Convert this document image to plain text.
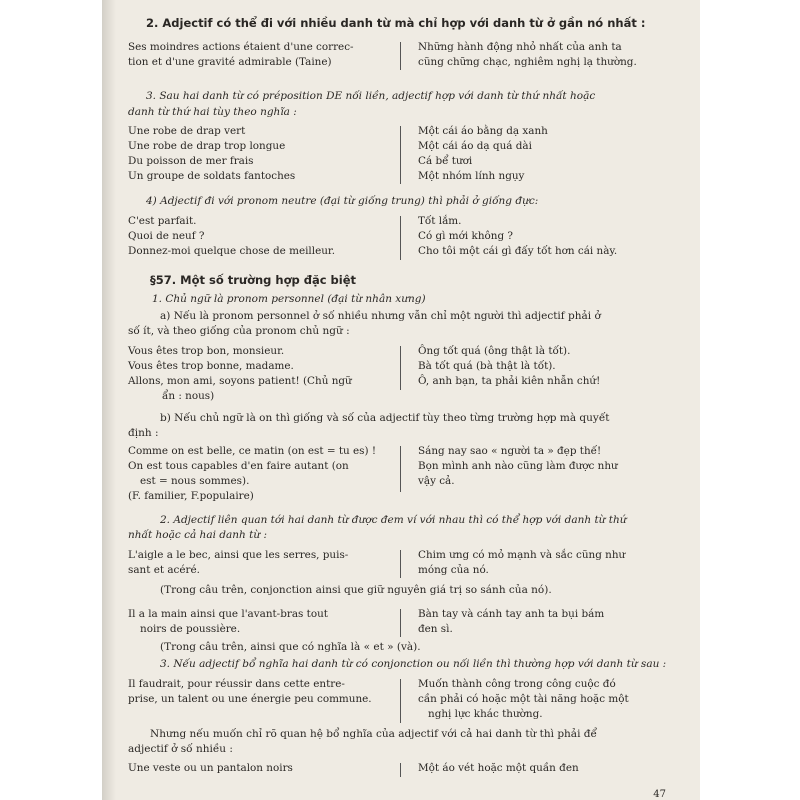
2. Adjectif có thể đi với nhiều danh từ mà chỉ hợp với danh từ ở gần nó nhất :
Ses moindres actions étaient d'une correc-
tion et d'une gravité admirable (Taine)
Những hành động nhỏ nhất của anh ta
cũng chững chạc, nghiêm nghị lạ thường.
3. Sau hai danh từ có préposition DE nối liền, adjectif hợp với danh từ thứ nhất hoặc
danh từ thứ hai tùy theo nghĩa :
Une robe de drap vert
Une robe de drap trop longue
Du poisson de mer frais
Un groupe de soldats fantoches
Một cái áo bằng dạ xanh
Một cái áo dạ quá dài
Cá bể tươi
Một nhóm lính ngụy
4) Adjectif đi với pronom neutre (đại từ giống trung) thì phải ở giống đực:
C'est parfait.
Quoi de neuf ?
Donnez-moi quelque chose de meilleur.
Tốt lắm.
Có gì mới không ?
Cho tôi một cái gì đấy tốt hơn cái này.
§57. Một số trường hợp đặc biệt
1. Chủ ngữ là pronom personnel (đại từ nhân xưng)
a) Nếu là pronom personnel ở số nhiều nhưng vẫn chỉ một người thì adjectif phải ở
số ít, và theo giống của pronom chủ ngữ :
Vous êtes trop bon, monsieur.
Vous êtes trop bonne, madame.
Allons, mon ami, soyons patient! (Chủ ngữ
ẩn : nous)
Ông tốt quá (ông thật là tốt).
Bà tốt quá (bà thật là tốt).
Ô, anh bạn, ta phải kiên nhẫn chứ!
b) Nếu chủ ngữ là on thì giống và số của adjectif tùy theo từng trường hợp mà quyết
định :
Comme on est belle, ce matin (on est = tu es) !
On est tous capables d'en faire autant (on
est = nous sommes).
(F. familier, F.populaire)
Sáng nay sao « người ta » đẹp thế!
Bọn mình anh nào cũng làm được như
vậy cả.
2. Adjectif liên quan tới hai danh từ được đem ví với nhau thì có thể hợp với danh từ thứ
nhất hoặc cả hai danh từ :
L'aigle a le bec, ainsi que les serres, puis-
sant et acéré.
Chim ưng có mỏ mạnh và sắc cũng như
móng của nó.
(Trong câu trên, conjonction ainsi que giữ nguyên giá trị so sánh của nó).
Il a la main ainsi que l'avant-bras tout
noirs de poussière.
Bàn tay và cánh tay anh ta bụi bám
đen sì.
(Trong câu trên, ainsi que có nghĩa là « et » (và).
3. Nếu adjectif bổ nghĩa hai danh từ có conjonction ou nối liền thì thường hợp với danh từ sau :
Il faudrait, pour réussir dans cette entre-
prise, un talent ou une énergie peu commune.
Muốn thành công trong công cuộc đó
cần phải có hoặc một tài năng hoặc một
nghị lực khác thường.
Nhưng nếu muốn chỉ rõ quan hệ bổ nghĩa của adjectif với cả hai danh từ thì phải để
adjectif ở số nhiều :
Une veste ou un pantalon noirs	Một áo vét hoặc một quần đen
47
